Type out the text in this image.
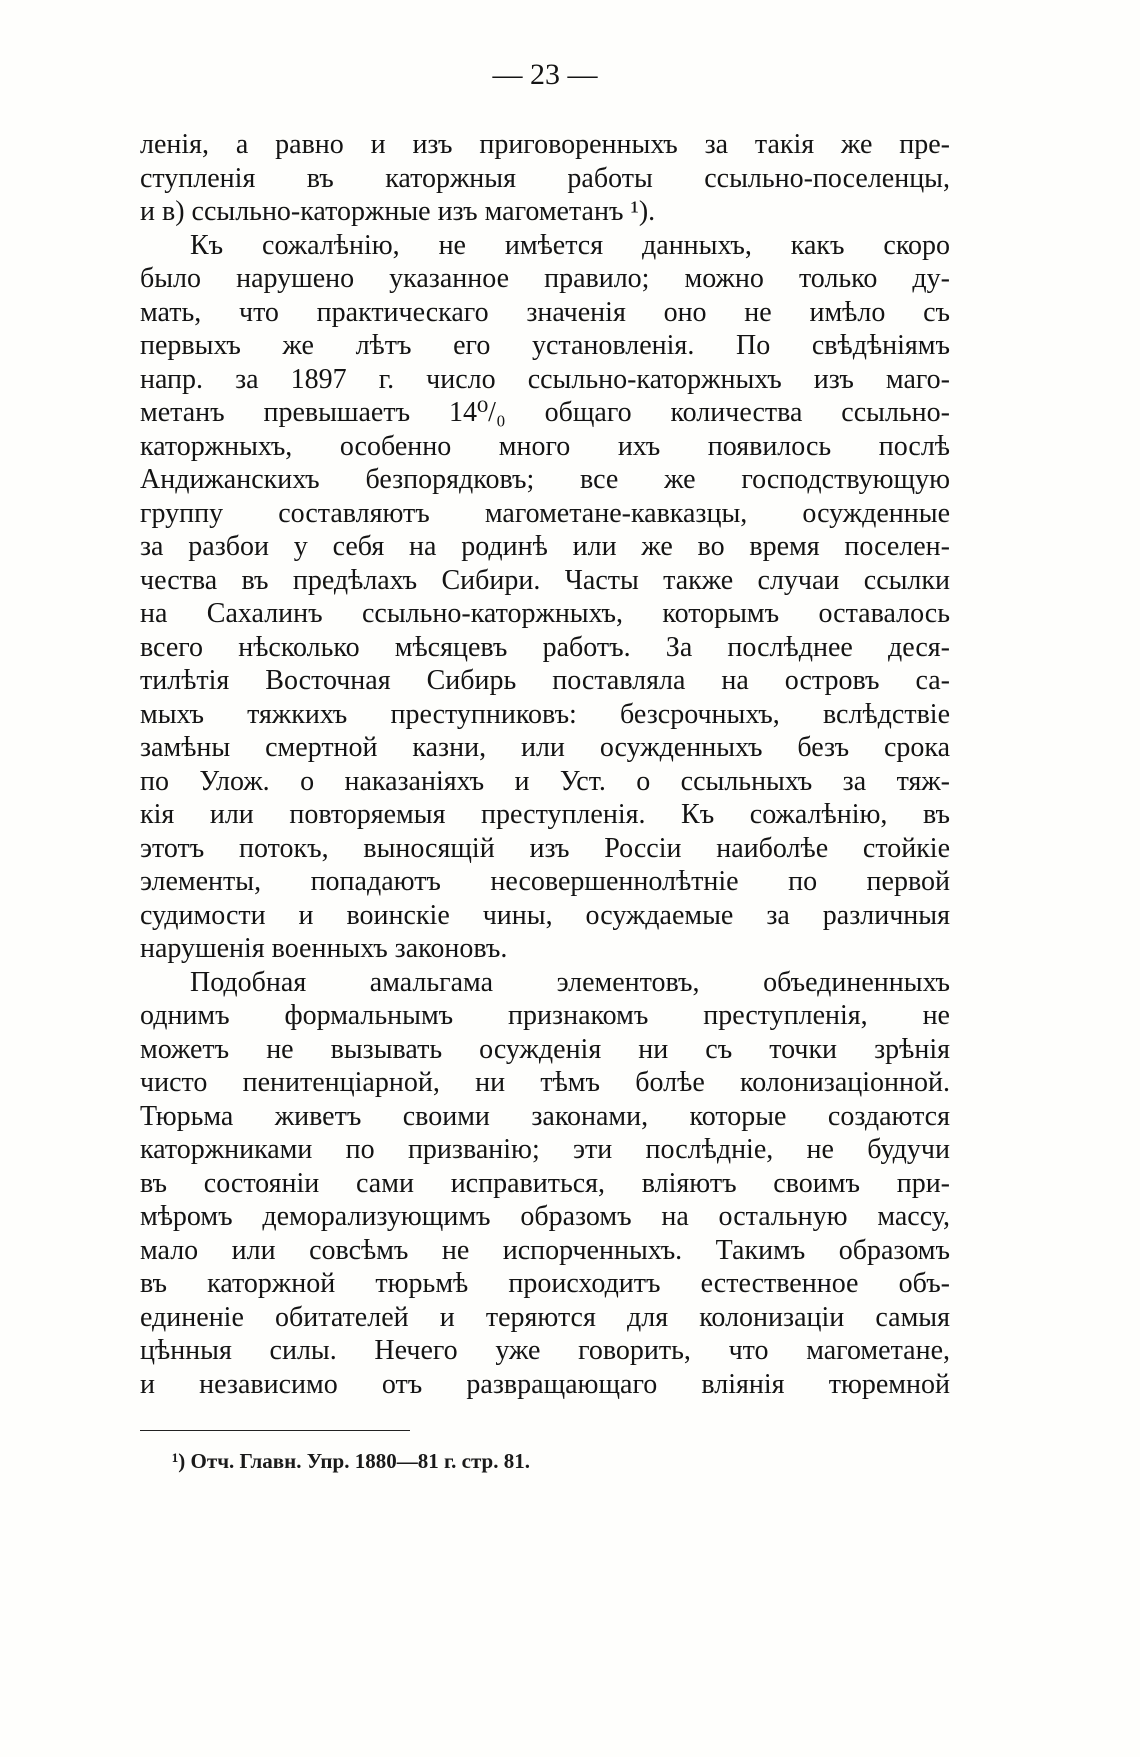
— 23 —
ленія, а равно и изъ приговоренныхъ за такія же пре-
ступленія въ каторжныя работы ссыльно-поселенцы,
и в) ссыльно-каторжные изъ магометанъ ¹).
Къ сожалѣнію, не имѣется данныхъ, какъ скоро
было нарушено указанное правило; можно только ду-
мать, что практическаго значенія оно не имѣло съ
первыхъ же лѣтъ его установленія. По свѣдѣніямъ
напр. за 1897 г. число ссыльно-каторжныхъ изъ маго-
метанъ превышаетъ 14⁰/₀ общаго количества ссыльно-
каторжныхъ, особенно много ихъ появилось послѣ
Андижанскихъ безпорядковъ; все же господствующую
группу составляютъ магометане-кавказцы, осужденные
за разбои у себя на родинѣ или же во время поселен-
чества въ предѣлахъ Сибири. Часты также случаи ссылки
на Сахалинъ ссыльно-каторжныхъ, которымъ оставалось
всего нѣсколько мѣсяцевъ работъ. За послѣднее деся-
тилѣтія Восточная Сибирь поставляла на островъ са-
мыхъ тяжкихъ преступниковъ: безсрочныхъ, вслѣдствіе
замѣны смертной казни, или осужденныхъ безъ срока
по Улож. о наказаніяхъ и Уст. о ссыльныхъ за тяж-
кія или повторяемыя преступленія. Къ сожалѣнію, въ
этотъ потокъ, выносящій изъ Россіи наиболѣе стойкіе
элементы, попадаютъ несовершеннолѣтніе по первой
судимости и воинскіе чины, осуждаемые за различныя
нарушенія военныхъ законовъ.
Подобная амальгама элементовъ, объединенныхъ
однимъ формальнымъ признакомъ преступленія, не
можетъ не вызывать осужденія ни съ точки зрѣнія
чисто пенитенціарной, ни тѣмъ болѣе колонизаціонной.
Тюрьма живетъ своими законами, которые создаются
каторжниками по призванію; эти послѣдніе, не будучи
въ состояніи сами исправиться, вліяютъ своимъ при-
мѣромъ деморализующимъ образомъ на остальную массу,
мало или совсѣмъ не испорченныхъ. Такимъ образомъ
въ каторжной тюрьмѣ происходитъ естественное объ-
единеніе обитателей и теряются для колонизаціи самыя
цѣнныя силы. Нечего уже говорить, что магометане,
и независимо отъ развращающаго вліянія тюремной
¹) Отч. Главн. Упр. 1880—81 г. стр. 81.
